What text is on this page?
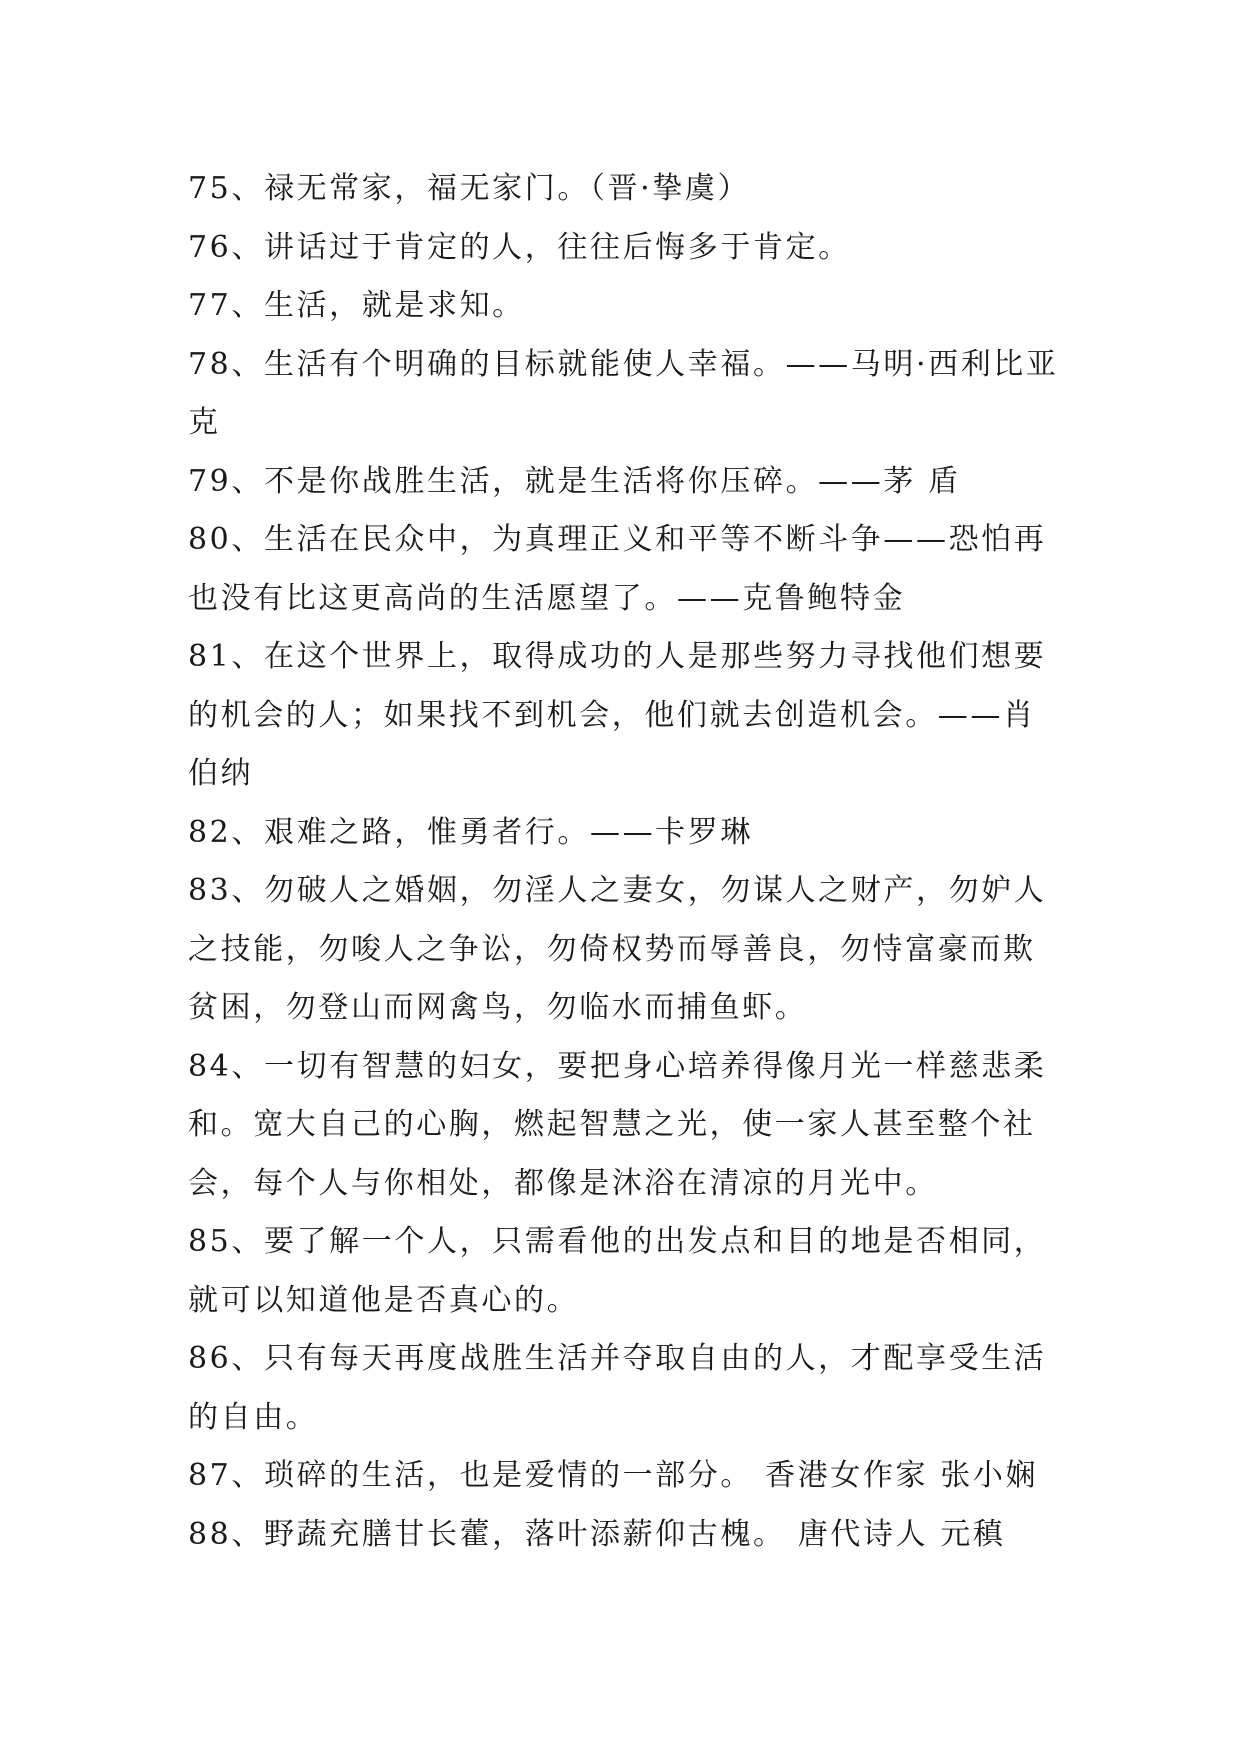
75、禄无常家，福无家门。（晋·挚虞）

76、讲话过于肯定的人，往往后悔多于肯定。

77、生活，就是求知。

78、生活有个明确的目标就能使人幸福。——马明·西利比亚克

79、不是你战胜生活，就是生活将你压碎。——茅 盾

80、生活在民众中，为真理正义和平等不断斗争——恐怕再也没有比这更高尚的生活愿望了。——克鲁鲍特金

81、在这个世界上，取得成功的人是那些努力寻找他们想要的机会的人；如果找不到机会，他们就去创造机会。——肖伯纳

82、艰难之路，惟勇者行。——卡罗琳

83、勿破人之婚姻，勿淫人之妻女，勿谋人之财产，勿妒人之技能，勿唆人之争讼，勿倚权势而辱善良，勿恃富豪而欺贫困，勿登山而网禽鸟，勿临水而捕鱼虾。

84、一切有智慧的妇女，要把身心培养得像月光一样慈悲柔和。宽大自己的心胸，燃起智慧之光，使一家人甚至整个社会，每个人与你相处，都像是沐浴在清凉的月光中。

85、要了解一个人，只需看他的出发点和目的地是否相同，就可以知道他是否真心的。

86、只有每天再度战胜生活并夺取自由的人，才配享受生活的自由。

87、琐碎的生活，也是爱情的一部分。 香港女作家 张小娴

88、野蔬充膳甘长藿，落叶添薪仰古槐。 唐代诗人 元稹
